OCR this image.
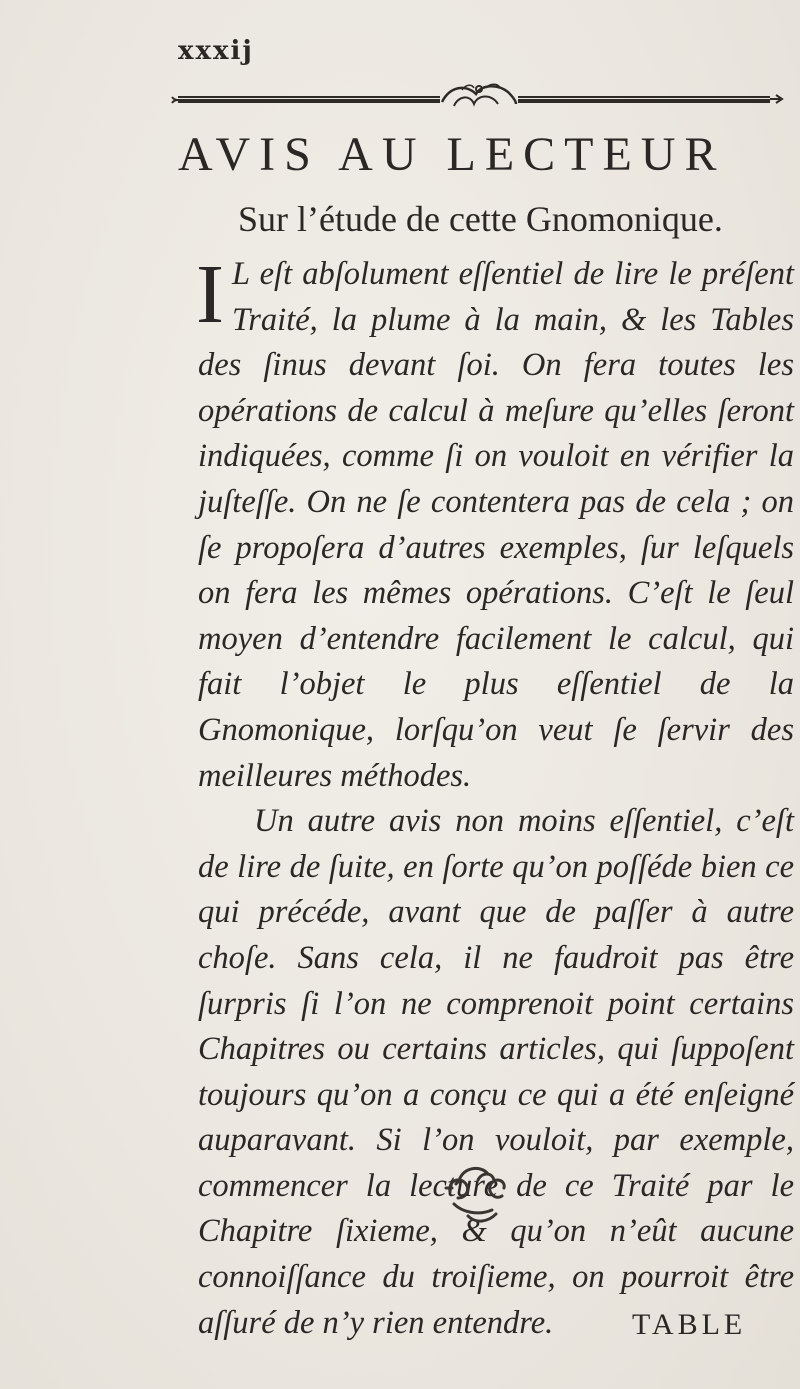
xxxij
AVIS AU LECTEUR
Sur l’étude de cette Gnomonique.

I L eſt abſolument eſſentiel de lire le préſent Traité, la plume à la main, & les Tables des ſinus devant ſoi. On fera toutes les opérations de calcul à meſure qu’elles ſeront indiquées, comme ſi on vouloit en vérifier la juſteſſe. On ne ſe contentera pas de cela ; on ſe propoſera d’autres exemples, ſur leſquels on fera les mêmes opérations. C’eſt le ſeul moyen d’entendre facilement le calcul, qui fait l’objet le plus eſſentiel de la Gnomonique, lorſqu’on veut ſe ſervir des meilleures méthodes.

Un autre avis non moins eſſentiel, c’eſt de lire de ſuite, en ſorte qu’on poſſéde bien ce qui précéde, avant que de paſſer à autre choſe. Sans cela, il ne faudroit pas être ſurpris ſi l’on ne comprenoit point certains Chapitres ou certains articles, qui ſuppoſent toujours qu’on a conçu ce qui a été enſeigné auparavant. Si l’on vouloit, par exemple, commencer la lecture de ce Traité par le Chapitre ſixieme, & qu’on n’eût aucune connoiſſance du troiſieme, on pourroit être aſſuré de n’y rien entendre.	TABLE
